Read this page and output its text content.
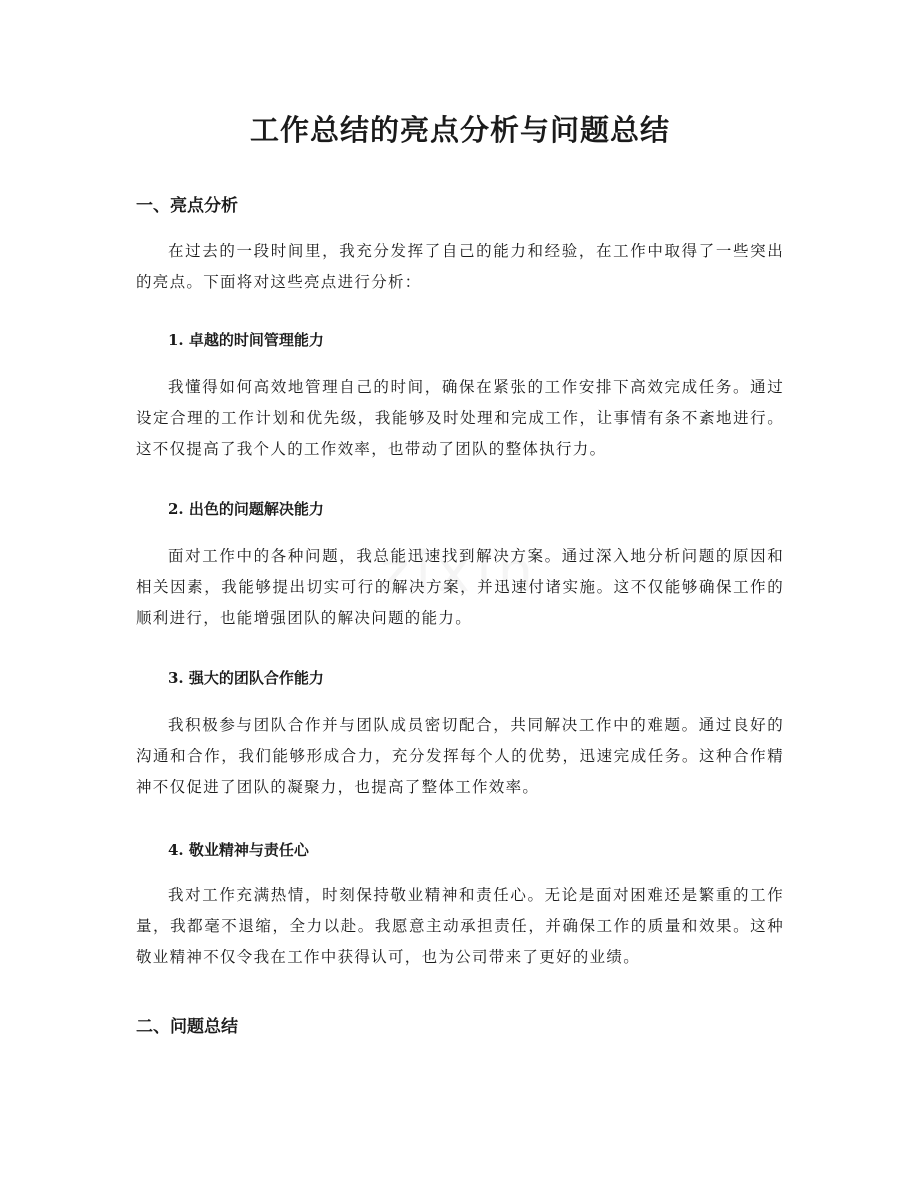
zixin
工作总结的亮点分析与问题总结
一、亮点分析

在过去的一段时间里，我充分发挥了自己的能力和经验，在工作中取得了一些突出的亮点。下面将对这些亮点进行分析：

1. 卓越的时间管理能力

我懂得如何高效地管理自己的时间，确保在紧张的工作安排下高效完成任务。通过设定合理的工作计划和优先级，我能够及时处理和完成工作，让事情有条不紊地进行。这不仅提高了我个人的工作效率，也带动了团队的整体执行力。

2. 出色的问题解决能力

面对工作中的各种问题，我总能迅速找到解决方案。通过深入地分析问题的原因和相关因素，我能够提出切实可行的解决方案，并迅速付诸实施。这不仅能够确保工作的顺利进行，也能增强团队的解决问题的能力。

3. 强大的团队合作能力

我积极参与团队合作并与团队成员密切配合，共同解决工作中的难题。通过良好的沟通和合作，我们能够形成合力，充分发挥每个人的优势，迅速完成任务。这种合作精神不仅促进了团队的凝聚力，也提高了整体工作效率。

4. 敬业精神与责任心

我对工作充满热情，时刻保持敬业精神和责任心。无论是面对困难还是繁重的工作量，我都毫不退缩，全力以赴。我愿意主动承担责任，并确保工作的质量和效果。这种敬业精神不仅令我在工作中获得认可，也为公司带来了更好的业绩。

二、问题总结
